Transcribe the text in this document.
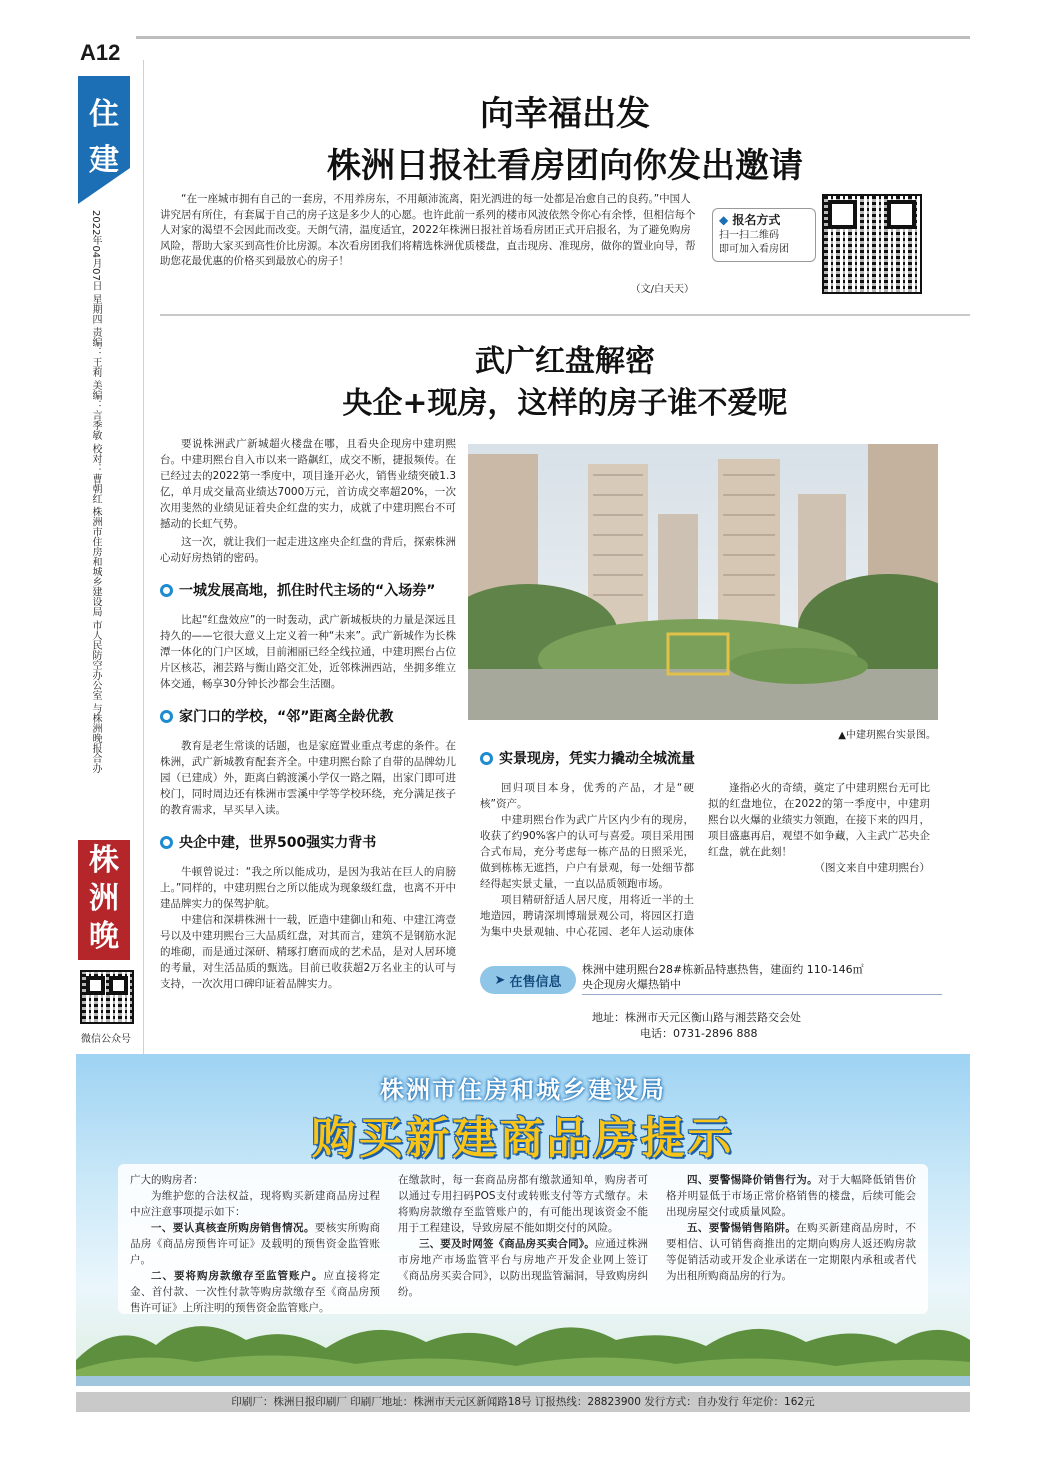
A12
住
建
2022年04月07日 星期四 责编：王莉 美编：言季敏 校对：曹朝红 株洲市住房和城乡建设局 市人民防空办公室 与株洲晚报合办
向幸福出发
株洲日报社看房团向你发出邀请

“在一座城市拥有自己的一套房，不用养房东，不用颠沛流离，阳光洒进的每一处都是冶愈自己的良药。”中国人讲究居有所住，有套属于自己的房子这是多少人的心愿。也许此前一系列的楼市风波依然令你心有余悸，但相信每个人对家的渴望不会因此而改变。天朗气清，温度适宜，2022年株洲日报社首场看房团正式开启报名，为了避免购房风险，帮助大家买到高性价比房源。本次看房团我们将精选株洲优质楼盘，直击现房、准现房，做你的置业向导，帮助您花最优惠的价格买到最放心的房子！

（文/白天天）
◆ 报名方式
扫一扫二维码
即可加入看房团
武广红盘解密
央企+现房，这样的房子谁不爱呢

要说株洲武广新城超火楼盘在哪，且看央企现房中建玥熙台。中建玥熙台自入市以来一路飙红，成交不断，捷报频传。在已经过去的2022第一季度中，项目逢开必火，销售业绩突破1.3亿，单月成交量高业绩达7000万元，首访成交率超20%，一次次用斐然的业绩见证着央企红盘的实力，成就了中建玥熙台不可撼动的长虹气势。

这一次，就让我们一起走进这座央企红盘的背后，探索株洲心动好房热销的密码。

一城发展高地，抓住时代主场的“入场券”

比起“红盘效应”的一时轰动，武广新城板块的力量是深远且持久的——它很大意义上定义着一种“未来”。武广新城作为长株潭一体化的门户区域，目前湘丽已经全线拉通，中建玥熙台占位片区核芯，湘芸路与衡山路交汇处，近邻株洲西站，坐拥多维立体交通，畅享30分钟长沙都会生活圈。

家门口的学校，“邻”距离全龄优教

教育是老生常谈的话题，也是家庭置业重点考虑的条件。在株洲，武广新城教育配套齐全。中建玥熙台除了自带的品牌幼儿园（已建成）外，距离白鹤渡溪小学仅一路之隔，出家门即可进校门，同时周边还有株洲市雲溪中学等学校环绕，充分满足孩子的教育需求，早买早入读。

央企中建，世界500强实力背书

牛顿曾说过：“我之所以能成功，是因为我站在巨人的肩膀上。”同样的，中建玥熙台之所以能成为现象级红盘，也离不开中建品牌实力的保驾护航。

中建信和深耕株洲十一载，匠造中建御山和苑、中建江湾壹号以及中建玥熙台三大品质红盘，对其而言，建筑不是钢筋水泥的堆砌，而是通过深研、精琢打磨而成的艺术品，是对人居环境的考量，对生活品质的甄选。目前已收获超2万名业主的认可与支持，一次次用口碑印证着品牌实力。

▲中建玥熙台实景图。
实景现房，凭实力撬动全城流量

回归项目本身，优秀的产品，才是“硬核”资产。

中建玥熙台作为武广片区内少有的现房，收获了约90%客户的认可与喜爱。项目采用围合式布局，充分考虑每一栋产品的日照采光，做到栋栋无遮挡，户户有景观，每一处细节都经得起实景丈量，一直以品质领跑市场。

项目精研舒适人居尺度，用将近一半的土地造园，聘请深圳博瑞景观公司，将园区打造为集中央景观轴、中心花园、老年人运动康体

逢指必火的奇绩，奠定了中建玥熙台无可比拟的红盘地位，在2022的第一季度中，中建玥熙台以火爆的业绩实力领跑，在接下来的四月，项目盛惠再启，观望不如争藏，入主武广芯央企红盘，就在此刻！

（图文来自中建玥熙台）
➤ 在售信息
株洲中建玥熙台28#栋新品特惠热售，建面约 110-146㎡
央企现房火爆热销中
地址：株洲市天元区衡山路与湘芸路交会处
电话：0731-2896 888
株
洲
晚
微信公众号
株洲市住房和城乡建设局
购买新建商品房提示
广大的购房者：
为维护您的合法权益，现将购买新建商品房过程中应注意事项提示如下：
一、要认真核查所购房销售情况。要核实所购商品房《商品房预售许可证》及载明的预售资金监管账户。
二、要将购房款缴存至监管账户。应直接将定金、首付款、一次性付款等购房款缴存至《商品房预售许可证》上所注明的预售资金监管账户。
在缴款时，每一套商品房都有缴款通知单，购房者可以通过专用扫码POS支付或转账支付等方式缴存。未将购房款缴存至监管账户的，有可能出现该资金不能用于工程建设，导致房屋不能如期交付的风险。
三、要及时网签《商品房买卖合同》。应通过株洲市房地产市场监管平台与房地产开发企业网上签订《商品房买卖合同》，以防出现监管漏洞，导致购房纠纷。
四、要警惕降价销售行为。对于大幅降低销售价格并明显低于市场正常价格销售的楼盘，后续可能会出现房屋交付或质量风险。
五、要警惕销售陷阱。在购买新建商品房时，不要相信、认可销售商推出的定期向购房人返还购房款等促销活动或开发企业承诺在一定期限内承租或者代为出租所购商品房的行为。
印刷厂：株洲日报印刷厂 印刷厂地址：株洲市天元区新闻路18号 订报热线：28823900 发行方式：自办发行 年定价：162元
